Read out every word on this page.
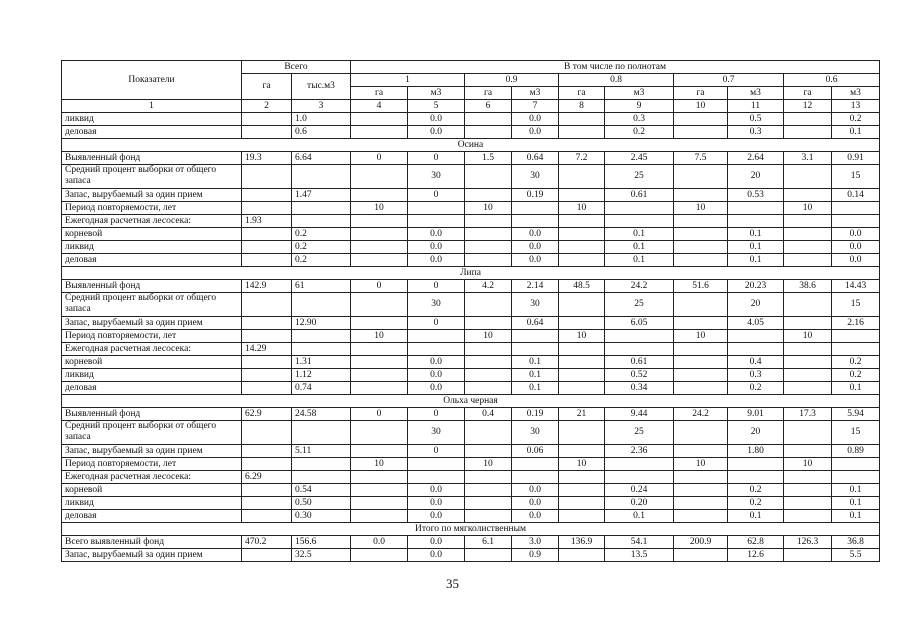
Показатели	Всего		В том числе по полнотам									
	га	тыс.м3	1		0.9		0.8		0.7		0.6	
			га	м3	га	м3	га	м3	га	м3	га	м3
1	2	3	4	5	6	7	8	9	10	11	12	13
ликвид		1.0		0.0		0.0		0.3		0.5		0.2
деловая		0.6		0.0		0.0		0.2		0.3		0.1
Осина												
Выявленный фонд	19.3	6.64	0	0	1.5	0.64	7.2	2.45	7.5	2.64	3.1	0.91
Средний процент выборки от общего запаса				30		30		25		20		15
Запас, вырубаемый за один прием		1.47		0		0.19		0.61		0.53		0.14
Период повторяемости, лет			10		10		10		10		10	
Ежегодная расчетная лесосека:	1.93											
корневой		0.2		0.0		0.0		0.1		0.1		0.0
ликвид		0.2		0.0		0.0		0.1		0.1		0.0
деловая		0.2		0.0		0.0		0.1		0.1		0.0
Липа												
Выявленный фонд	142.9	61	0	0	4.2	2.14	48.5	24.2	51.6	20.23	38.6	14.43
Средний процент выборки от общего запаса				30		30		25		20		15
Запас, вырубаемый за один прием		12.90		0		0.64		6.05		4.05		2.16
Период повторяемости, лет			10		10		10		10		10	
Ежегодная расчетная лесосека:	14.29											
корневой		1.31		0.0		0.1		0.61		0.4		0.2
ликвид		1.12		0.0		0.1		0.52		0.3		0.2
деловая		0.74		0.0		0.1		0.34		0.2		0.1
Ольха черная												
Выявленный фонд	62.9	24.58	0	0	0.4	0.19	21	9.44	24.2	9.01	17.3	5.94
Средний процент выборки от общего запаса				30		30		25		20		15
Запас, вырубаемый за один прием		5.11		0		0.06		2.36		1.80		0.89
Период повторяемости, лет			10		10		10		10		10	
Ежегодная расчетная лесосека:	6.29											
корневой		0.54		0.0		0.0		0.24		0.2		0.1
ликвид		0.50		0.0		0.0		0.20		0.2		0.1
деловая		0.30		0.0		0.0		0.1		0.1		0.1
Итого по мягколиственным												
Всего выявленный фонд	470.2	156.6	0.0	0.0	6.1	3.0	136.9	54.1	200.9	62.8	126.3	36.8
Запас, вырубаемый за один прием		32.5		0.0		0.9		13.5		12.6		5.5
35
